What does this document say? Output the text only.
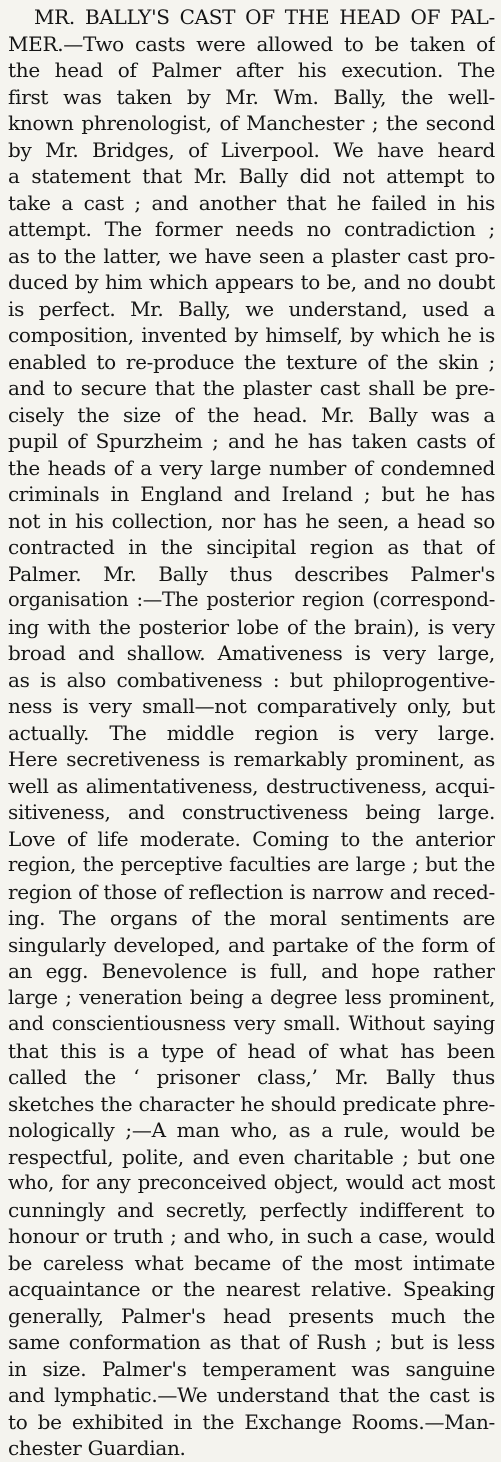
MR. BALLY'S CAST OF THE HEAD OF PAL-
MER.—Two casts were allowed to be taken of
the head of Palmer after his execution. The
first was taken by Mr. Wm. Bally, the well-
known phrenologist, of Manchester ; the second
by Mr. Bridges, of Liverpool. We have heard
a statement that Mr. Bally did not attempt to
take a cast ; and another that he failed in his
attempt. The former needs no contradiction ;
as to the latter, we have seen a plaster cast pro-
duced by him which appears to be, and no doubt
is perfect. Mr. Bally, we understand, used a
composition, invented by himself, by which he is
enabled to re-produce the texture of the skin ;
and to secure that the plaster cast shall be pre-
cisely the size of the head. Mr. Bally was a
pupil of Spurzheim ; and he has taken casts of
the heads of a very large number of condemned
criminals in England and Ireland ; but he has
not in his collection, nor has he seen, a head so
contracted in the sincipital region as that of
Palmer. Mr. Bally thus describes Palmer's
organisation :—The posterior region (correspond-
ing with the posterior lobe of the brain), is very
broad and shallow. Amativeness is very large,
as is also combativeness : but philoprogentive-
ness is very small—not comparatively only, but
actually. The middle region is very large.
Here secretiveness is remarkably prominent, as
well as alimentativeness, destructiveness, acqui-
sitiveness, and constructiveness being large.
Love of life moderate. Coming to the anterior
region, the perceptive faculties are large ; but the
region of those of reflection is narrow and reced-
ing. The organs of the moral sentiments are
singularly developed, and partake of the form of
an egg. Benevolence is full, and hope rather
large ; veneration being a degree less prominent,
and conscientiousness very small. Without saying
that this is a type of head of what has been
called the ‘ prisoner class,’ Mr. Bally thus
sketches the character he should predicate phre-
nologically ;—A man who, as a rule, would be
respectful, polite, and even charitable ; but one
who, for any preconceived object, would act most
cunningly and secretly, perfectly indifferent to
honour or truth ; and who, in such a case, would
be careless what became of the most intimate
acquaintance or the nearest relative. Speaking
generally, Palmer's head presents much the
same conformation as that of Rush ; but is less
in size. Palmer's temperament was sanguine
and lymphatic.—We understand that the cast is
to be exhibited in the Exchange Rooms.—Man-
chester Guardian.
